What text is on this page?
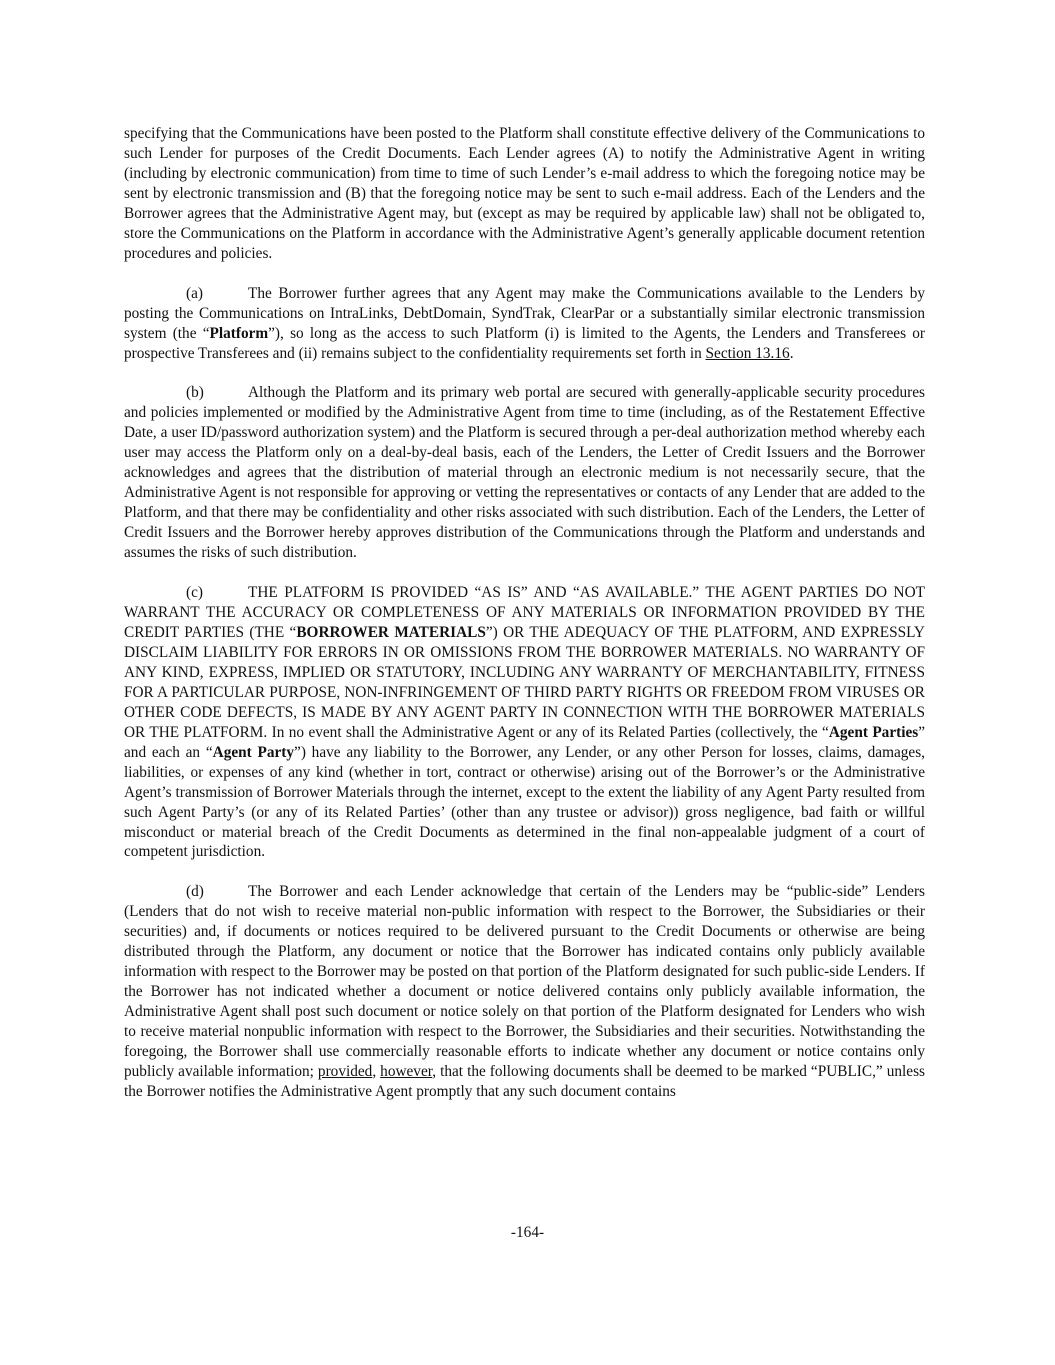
specifying that the Communications have been posted to the Platform shall constitute effective delivery of the Communications to such Lender for purposes of the Credit Documents. Each Lender agrees (A) to notify the Administrative Agent in writing (including by electronic communication) from time to time of such Lender’s e-mail address to which the foregoing notice may be sent by electronic transmission and (B) that the foregoing notice may be sent to such e-mail address. Each of the Lenders and the Borrower agrees that the Administrative Agent may, but (except as may be required by applicable law) shall not be obligated to, store the Communications on the Platform in accordance with the Administrative Agent’s generally applicable document retention procedures and policies.

(a)	The Borrower further agrees that any Agent may make the Communications available to the Lenders by posting the Communications on IntraLinks, DebtDomain, SyndTrak, ClearPar or a substantially similar electronic transmission system (the “Platform”), so long as the access to such Platform (i) is limited to the Agents, the Lenders and Transferees or prospective Transferees and (ii) remains subject to the confidentiality requirements set forth in Section 13.16.

(b)	Although the Platform and its primary web portal are secured with generally-applicable security procedures and policies implemented or modified by the Administrative Agent from time to time (including, as of the Restatement Effective Date, a user ID/password authorization system) and the Platform is secured through a per-deal authorization method whereby each user may access the Platform only on a deal-by-deal basis, each of the Lenders, the Letter of Credit Issuers and the Borrower acknowledges and agrees that the distribution of material through an electronic medium is not necessarily secure, that the Administrative Agent is not responsible for approving or vetting the representatives or contacts of any Lender that are added to the Platform, and that there may be confidentiality and other risks associated with such distribution. Each of the Lenders, the Letter of Credit Issuers and the Borrower hereby approves distribution of the Communications through the Platform and understands and assumes the risks of such distribution.

(c)	THE PLATFORM IS PROVIDED “AS IS” AND “AS AVAILABLE.” THE AGENT PARTIES DO NOT WARRANT THE ACCURACY OR COMPLETENESS OF ANY MATERIALS OR INFORMATION PROVIDED BY THE CREDIT PARTIES (THE “BORROWER MATERIALS”) OR THE ADEQUACY OF THE PLATFORM, AND EXPRESSLY DISCLAIM LIABILITY FOR ERRORS IN OR OMISSIONS FROM THE BORROWER MATERIALS. NO WARRANTY OF ANY KIND, EXPRESS, IMPLIED OR STATUTORY, INCLUDING ANY WARRANTY OF MERCHANTABILITY, FITNESS FOR A PARTICULAR PURPOSE, NON-INFRINGEMENT OF THIRD PARTY RIGHTS OR FREEDOM FROM VIRUSES OR OTHER CODE DEFECTS, IS MADE BY ANY AGENT PARTY IN CONNECTION WITH THE BORROWER MATERIALS OR THE PLATFORM. In no event shall the Administrative Agent or any of its Related Parties (collectively, the “Agent Parties” and each an “Agent Party”) have any liability to the Borrower, any Lender, or any other Person for losses, claims, damages, liabilities, or expenses of any kind (whether in tort, contract or otherwise) arising out of the Borrower’s or the Administrative Agent’s transmission of Borrower Materials through the internet, except to the extent the liability of any Agent Party resulted from such Agent Party’s (or any of its Related Parties’ (other than any trustee or advisor)) gross negligence, bad faith or willful misconduct or material breach of the Credit Documents as determined in the final non-appealable judgment of a court of competent jurisdiction.

(d)	The Borrower and each Lender acknowledge that certain of the Lenders may be “public-side” Lenders (Lenders that do not wish to receive material non-public information with respect to the Borrower, the Subsidiaries or their securities) and, if documents or notices required to be delivered pursuant to the Credit Documents or otherwise are being distributed through the Platform, any document or notice that the Borrower has indicated contains only publicly available information with respect to the Borrower may be posted on that portion of the Platform designated for such public-side Lenders. If the Borrower has not indicated whether a document or notice delivered contains only publicly available information, the Administrative Agent shall post such document or notice solely on that portion of the Platform designated for Lenders who wish to receive material nonpublic information with respect to the Borrower, the Subsidiaries and their securities. Notwithstanding the foregoing, the Borrower shall use commercially reasonable efforts to indicate whether any document or notice contains only publicly available information; provided, however, that the following documents shall be deemed to be marked “PUBLIC,” unless the Borrower notifies the Administrative Agent promptly that any such document contains

-164-
